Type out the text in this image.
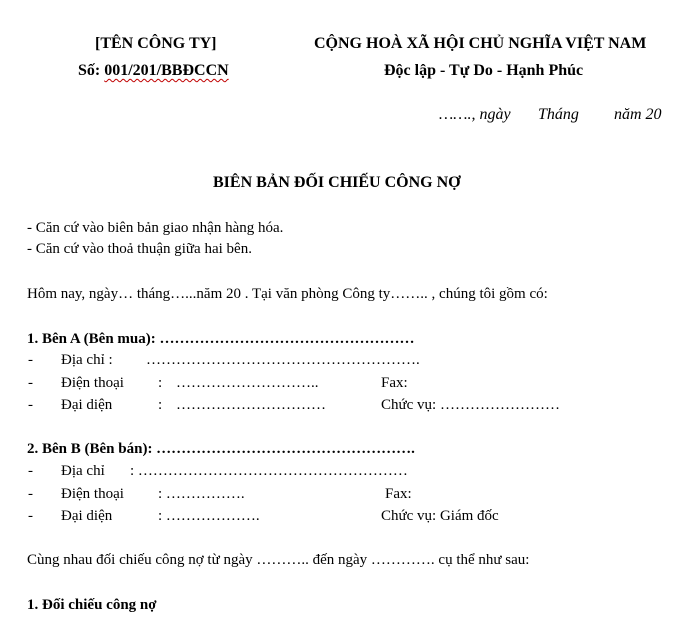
[TÊN CÔNG TY]
Số: 001/201/BBĐCCN
CỘNG HOÀ XÃ HỘI CHỦ NGHĨA VIỆT NAM
Độc lập - Tự Do - Hạnh Phúc
……., ngày Tháng năm 20
BIÊN BẢN ĐỐI CHIẾU CÔNG NỢ
- Căn cứ vào biên bản giao nhận hàng hóa.
- Căn cứ vào thoả thuận giữa hai bên.
Hôm nay, ngày… tháng…...năm 20 . Tại văn phòng Công ty…….. , chúng tôi gồm có:
1. Bên A (Bên mua): ……………………………………………
- Địa chỉ : ……………………………………………….
- Điện thoại : ………………………..	Fax:
- Đại diện	: …………………………	Chức vụ: ……………………
2. Bên B (Bên bán): …………………………………………….
- Địa chỉ : ………………………………………………
- Điện thoại : …………….	Fax:
- Đại diện	: ……………….	Chức vụ: Giám đốc
Cùng nhau đối chiếu công nợ từ ngày ……….. đến ngày …………. cụ thể như sau:
1. Đối chiếu công nợ
